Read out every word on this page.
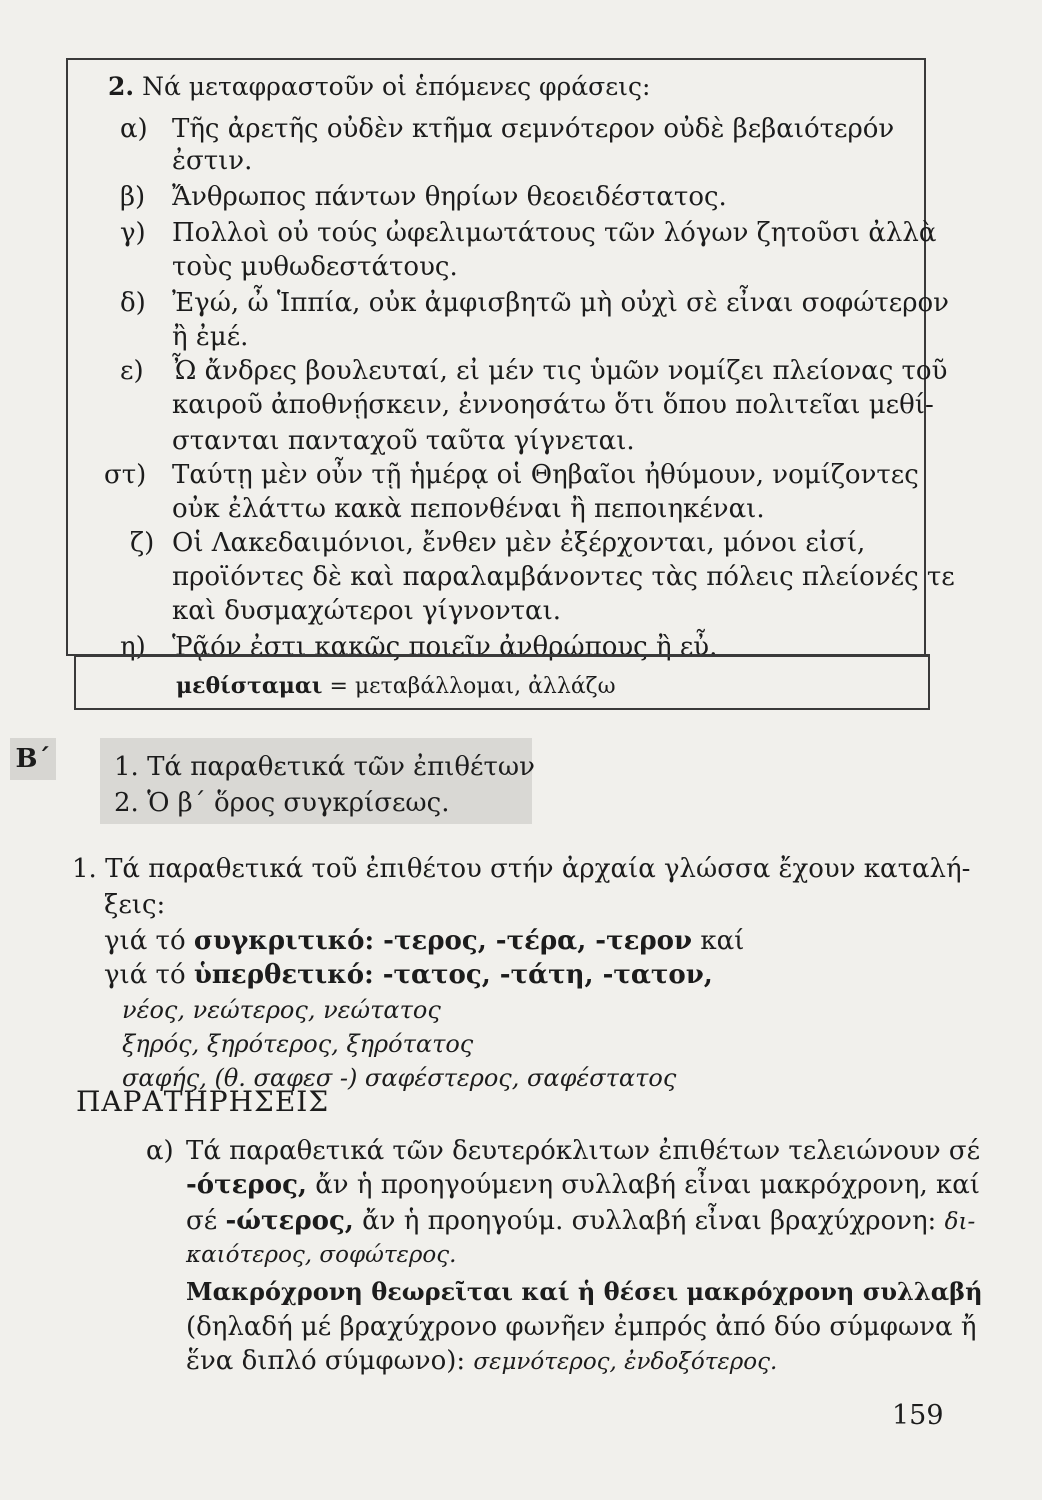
2. Νά μεταφραστοῦν οἱ ἑπόμενες φράσεις:
α) Τῆς ἀρετῆς οὐδὲν κτῆμα σεμνότερον οὐδὲ βεβαιότερόν
ἐστιν.
β) Ἄνθρωπος πάντων θηρίων θεοειδέστατος.
γ) Πολλοὶ οὐ τούς ὠφελιμωτάτους τῶν λόγων ζητοῦσι ἀλλὰ
τοὺς μυθωδεστάτους.
δ) Ἐγώ, ὦ Ἱππία, οὐκ ἀμφισβητῶ μὴ οὐχὶ σὲ εἶναι σοφώτερον
ἢ ἐμέ.
ε) Ὦ ἄνδρες βουλευταί, εἰ μέν τις ὑμῶν νομίζει πλείονας τοῦ
καιροῦ ἀποθνῄσκειν, ἐννοησάτω ὅτι ὅπου πολιτεῖαι μεθί-
στανται πανταχοῦ ταῦτα γίγνεται.
στ) Ταύτῃ μὲν οὖν τῇ ἡμέρᾳ οἱ Θηβαῖοι ἠθύμουν, νομίζοντες
οὐκ ἐλάττω κακὰ πεπονθέναι ἢ πεποιηκέναι.
ζ) Οἱ Λακεδαιμόνιοι, ἔνθεν μὲν ἐξέρχονται, μόνοι εἰσί,
προϊόντες δὲ καὶ παραλαμβάνοντες τὰς πόλεις πλείονές τε
καὶ δυσμαχώτεροι γίγνονται.
η) Ῥᾷόν ἐστι κακῶς ποιεῖν ἀνθρώπους ἢ εὖ.
μεθίσταμαι = μεταβάλλομαι, ἀλλάζω
Β΄ 1. Τά παραθετικά τῶν ἐπιθέτων
2. Ὁ β΄ ὅρος συγκρίσεως.
1. Τά παραθετικά τοῦ ἐπιθέτου στήν ἀρχαία γλώσσα ἔχουν καταλή-
ξεις:
γιά τό συγκριτικό: -τερος, -τέρα, -τερον καί
γιά τό ὑπερθετικό: -τατος, -τάτη, -τατον,
νέος, νεώτερος, νεώτατος
ξηρός, ξηρότερος, ξηρότατος
σαφής, (θ. σαφεσ -) σαφέστερος, σαφέστατος
ΠΑΡΑΤΗΡΗΣΕΙΣ
α) Τά παραθετικά τῶν δευτερόκλιτων ἐπιθέτων τελειώνουν σέ
-ότερος, ἄν ἡ προηγούμενη συλλαβή εἶναι μακρόχρονη, καί
σέ -ώτερος, ἄν ἡ προηγούμ. συλλαβή εἶναι βραχύχρονη: δι-
καιότερος, σοφώτερος.
Μακρόχρονη θεωρεῖται καί ἡ θέσει μακρόχρονη συλλαβή
(δηλαδή μέ βραχύχρονο φωνῆεν ἐμπρός ἀπό δύο σύμφωνα ἤ
ἕνα διπλό σύμφωνο): σεμνότερος, ἐνδοξότερος.
159
